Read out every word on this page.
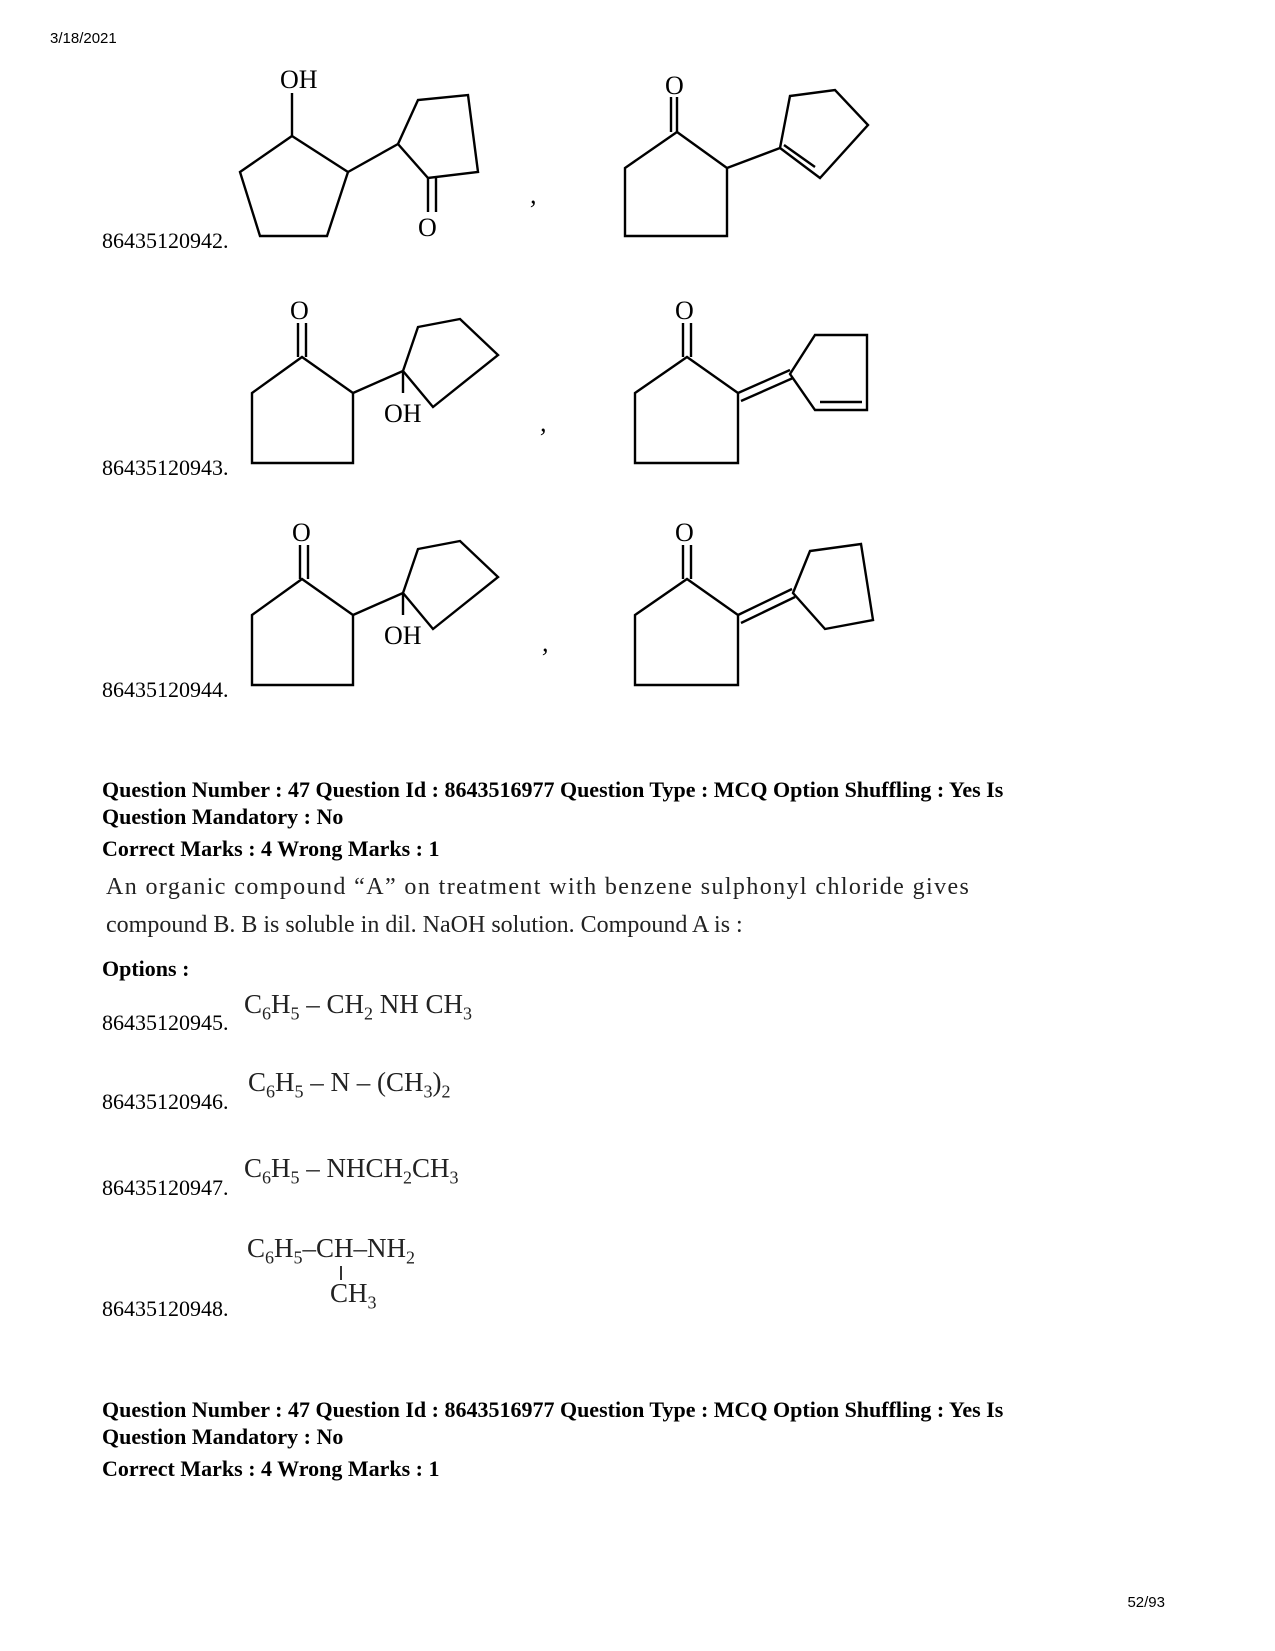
3/18/2021
86435120942.
OH
O
,
O
86435120943.
O
OH	,
O
86435120944.
O
OH	,
O
Question Number : 47 Question Id : 8643516977 Question Type : MCQ Option Shuffling : Yes Is
Question Mandatory : No
Correct Marks : 4 Wrong Marks : 1
An organic compound “A” on treatment with benzene sulphonyl chloride gives
compound B. B is soluble in dil. NaOH solution. Compound A is :
Options :
86435120945.
$C_6H_5 - CH_2$ NH $CH_3$
86435120946.
$C_6H_5$ – N – $(CH_3)_2$
86435120947.
$C_6H_5$ – $NHCH_2CH_3$
86435120948.
$C_6H_5-CH-NH_2$
$CH_3$
Question Number : 47 Question Id : 8643516977 Question Type : MCQ Option Shuffling : Yes Is
Question Mandatory : No
Correct Marks : 4 Wrong Marks : 1
52/93
